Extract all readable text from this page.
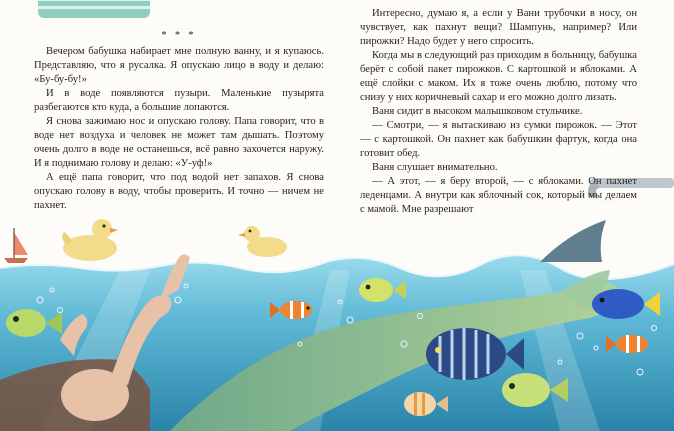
* * *

Вечером бабушка набирает мне полную ванну, и я купаюсь. Представляю, что я русалка. Я опускаю лицо в воду и делаю: «Бу-бу-бу!»

И в воде появляются пузыри. Маленькие пузырята разбегаются кто куда, а большие лопаются.

Я снова зажимаю нос и опускаю голову. Папа говорит, что в воде нет воздуха и человек не может там дышать. Поэтому очень долго в воде не останешься, всё равно захочется наружу. И я поднимаю голову и делаю: «У-уф!»

А ещё папа говорит, что под водой нет запахов. Я снова опускаю голову в воду, чтобы проверить. И точно — ничем не пахнет.

Интересно, думаю я, а если у Вани трубочки в носу, он чувствует, как пахнут вещи? Шампунь, например? Или пирожки? Надо будет у него спросить.

Когда мы в следующий раз приходим в больницу, бабушка берёт с собой пакет пирожков. С картошкой и яблоками. А ещё слойки с маком. Их я тоже очень люблю, потому что снизу у них коричневый сахар и его можно долго лизать.

Ваня сидит в высоком малышковом стульчике.

— Смотри, — я вытаскиваю из сумки пирожок. — Этот — с картошкой. Он пахнет как бабушкин фартук, когда она готовит обед.

Ваня слушает внимательно.

— А этот, — я беру второй, — с яблоками. Он пахнет леденцами. А внутри как яблочный сок, который мы делаем с мамой. Мне разрешают
